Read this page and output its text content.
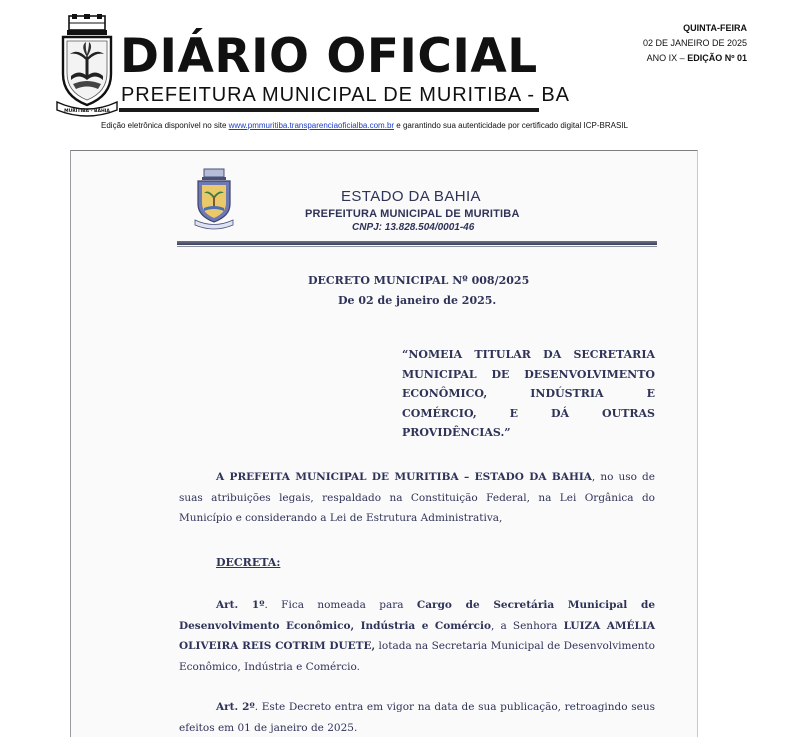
MURITIBA - BAHIA
DIÁRIO OFICIAL
PREFEITURA MUNICIPAL DE MURITIBA - BA
QUINTA-FEIRA
02 DE JANEIRO DE 2025
ANO IX – EDIÇÃO Nº 01
Edição eletrônica disponível no site www.pmmuritiba.transparenciaoficialba.com.br e garantindo sua autenticidade por certificado digital ICP-BRASIL
ESTADO DA BAHIA
PREFEITURA MUNICIPAL DE MURITIBA
CNPJ: 13.828.504/0001-46
DECRETO MUNICIPAL Nº 008/2025
De 02 de janeiro de 2025.
“NOMEIA TITULAR DA SECRETARIA MUNICIPAL DE DESENVOLVIMENTO ECONÔMICO, INDÚSTRIA E COMÉRCIO, E DÁ OUTRAS PROVIDÊNCIAS.”
A PREFEITA MUNICIPAL DE MURITIBA – ESTADO DA BAHIA, no uso de suas atribuições legais, respaldado na Constituição Federal, na Lei Orgânica do Município e considerando a Lei de Estrutura Administrativa,
DECRETA:
Art. 1º. Fica nomeada para Cargo de Secretária Municipal de Desenvolvimento Econômico, Indústria e Comércio, a Senhora LUIZA AMÉLIA OLIVEIRA REIS COTRIM DUETE, lotada na Secretaria Municipal de Desenvolvimento Econômico, Indústria e Comércio.
Art. 2º. Este Decreto entra em vigor na data de sua publicação, retroagindo seus efeitos em 01 de janeiro de 2025.
